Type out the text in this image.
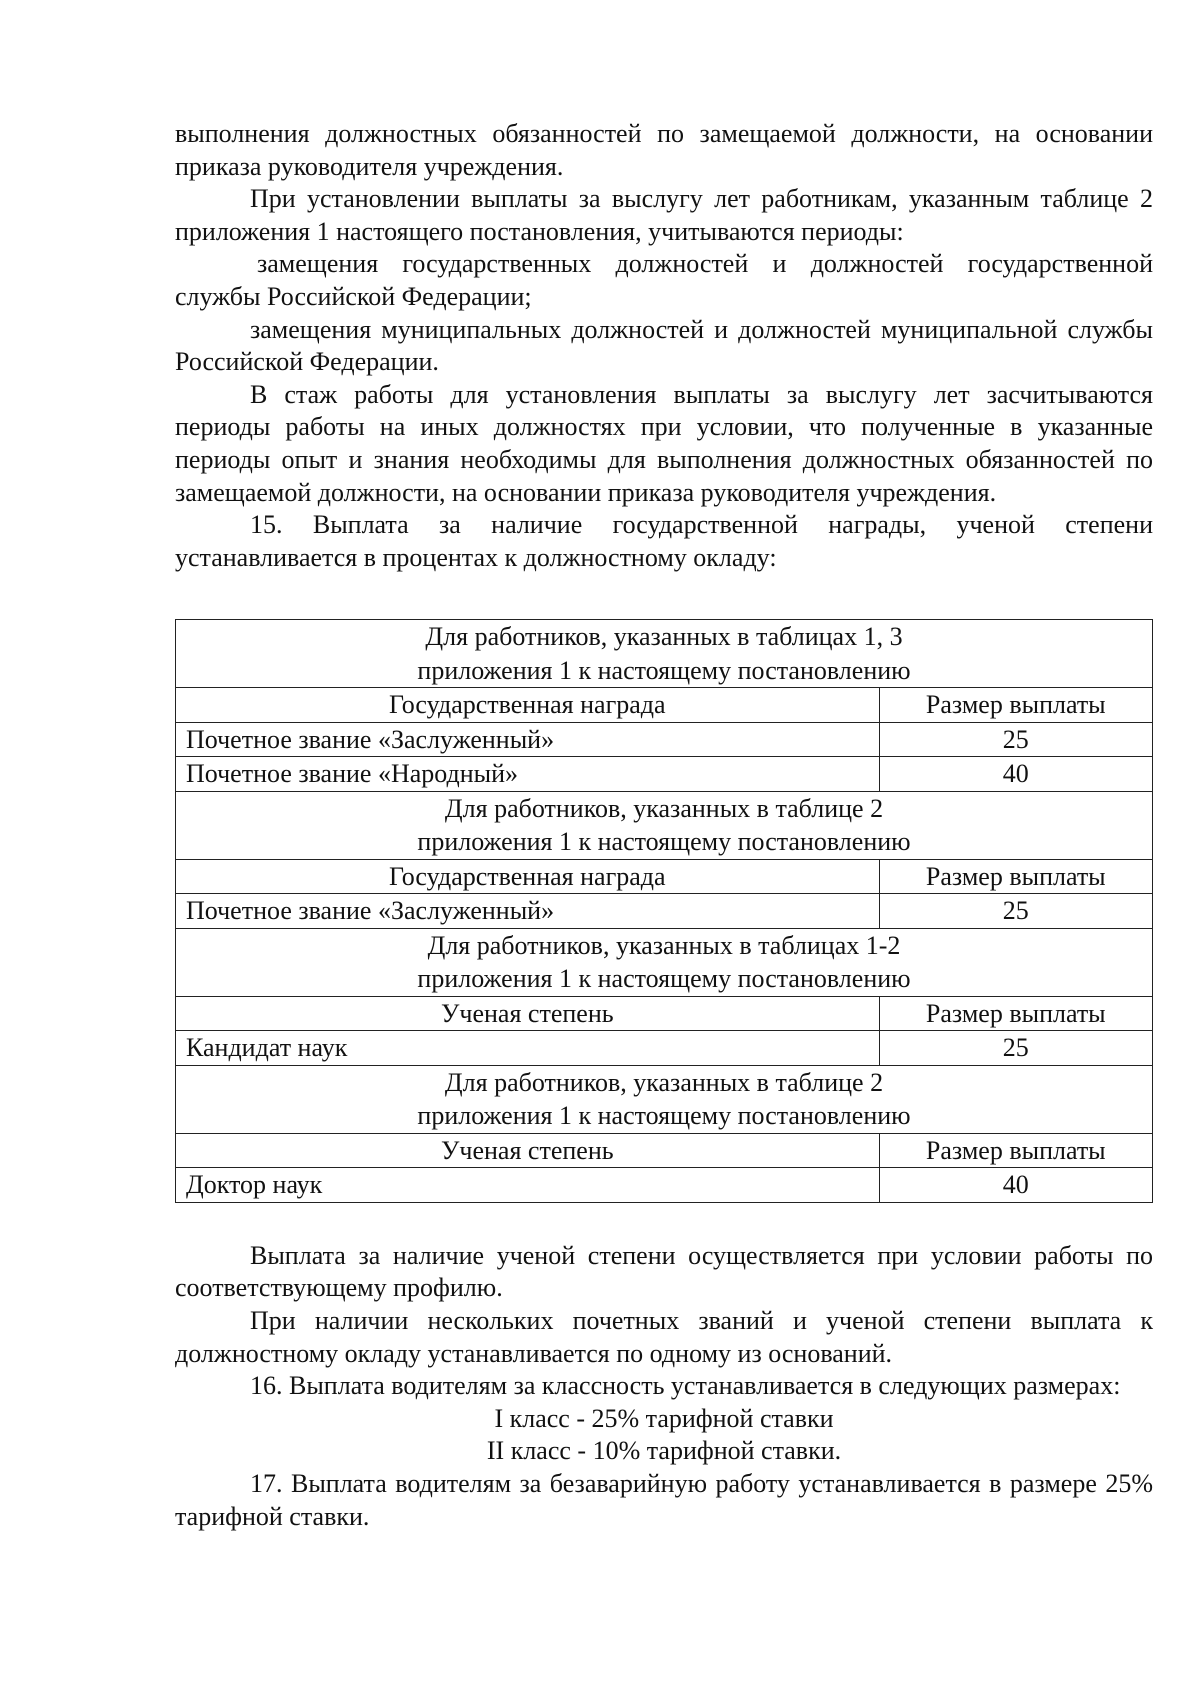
выполнения должностных обязанностей по замещаемой должности, на основании приказа руководителя учреждения.

При установлении выплаты за выслугу лет работникам, указанным таблице 2 приложения 1 настоящего постановления, учитываются периоды:

замещения государственных должностей и должностей государственной службы Российской Федерации;

замещения муниципальных должностей и должностей муниципальной службы Российской Федерации.

В стаж работы для установления выплаты за выслугу лет засчитываются периоды работы на иных должностях при условии, что полученные в указанные периоды опыт и знания необходимы для выполнения должностных обязанностей по замещаемой должности, на основании приказа руководителя учреждения.

15. Выплата за наличие государственной награды, ученой степени устанавливается в процентах к должностному окладу:

Для работников, указанных в таблицах 1, 3
приложения 1 к настоящему постановлению	
Государственная награда	Размер выплаты
Почетное звание «Заслуженный»	25
Почетное звание «Народный»	40
Для работников, указанных в таблице 2
приложения 1 к настоящему постановлению	
Государственная награда	Размер выплаты
Почетное звание «Заслуженный»	25
Для работников, указанных в таблицах 1-2
приложения 1 к настоящему постановлению	
Ученая степень	Размер выплаты
Кандидат наук	25
Для работников, указанных в таблице 2
приложения 1 к настоящему постановлению	
Ученая степень	Размер выплаты
Доктор наук	40

Выплата за наличие ученой степени осуществляется при условии работы по соответствующему профилю.

При наличии нескольких почетных званий и ученой степени выплата к должностному окладу устанавливается по одному из оснований.

16. Выплата водителям за классность устанавливается в следующих размерах:

I класс - 25% тарифной ставки

II класс - 10% тарифной ставки.

17. Выплата водителям за безаварийную работу устанавливается в размере 25% тарифной ставки.
